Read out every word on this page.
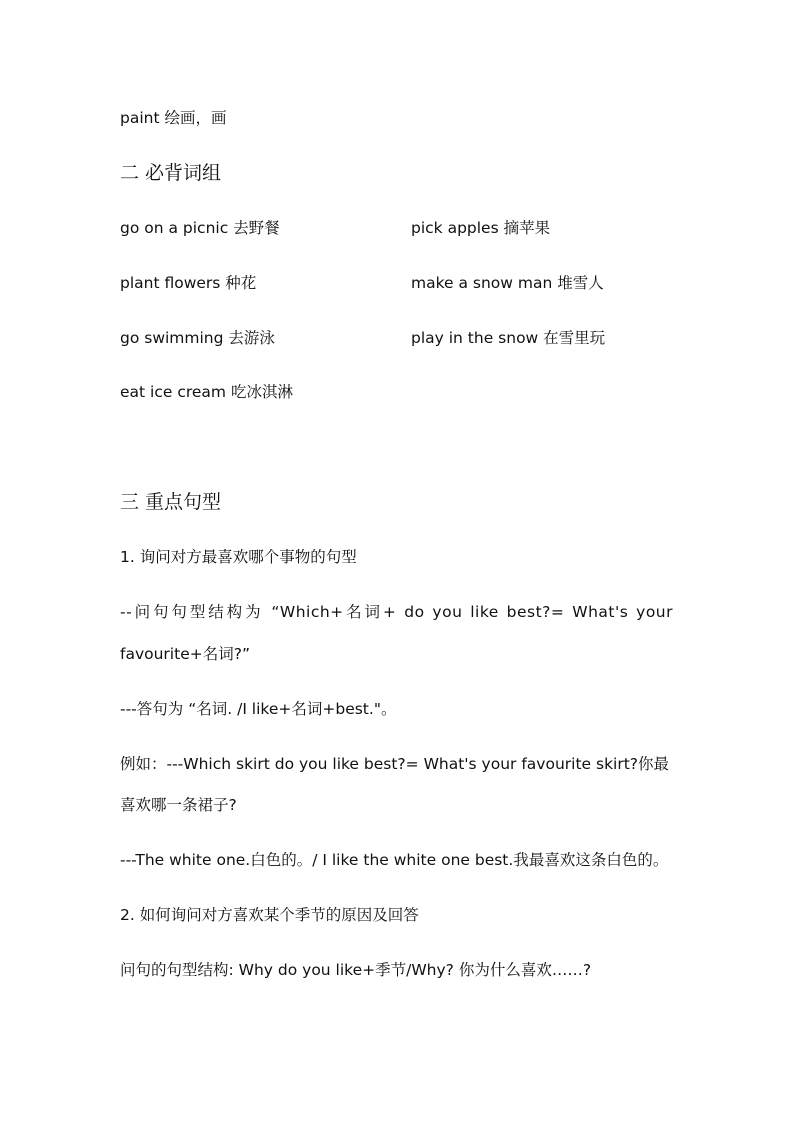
paint 绘画，画
二 必背词组
go on a picnic 去野餐	pick apples 摘苹果
plant flowers 种花	make a snow man 堆雪人
go swimming 去游泳	play in the snow 在雪里玩
eat ice cream 吃冰淇淋
三 重点句型
1. 询问对方最喜欢哪个事物的句型
--问句句型结构为 “Which+名词+ do you like best?= What's your
favourite+名词?”
---答句为 “名词. /I like+名词+best."。
例如：---Which skirt do you like best?= What's your favourite skirt?你最
喜欢哪一条裙子?
---The white one.白色的。/ I like the white one best.我最喜欢这条白色的。
2. 如何询问对方喜欢某个季节的原因及回答
问句的句型结构: Why do you like+季节/Why? 你为什么喜欢……?
